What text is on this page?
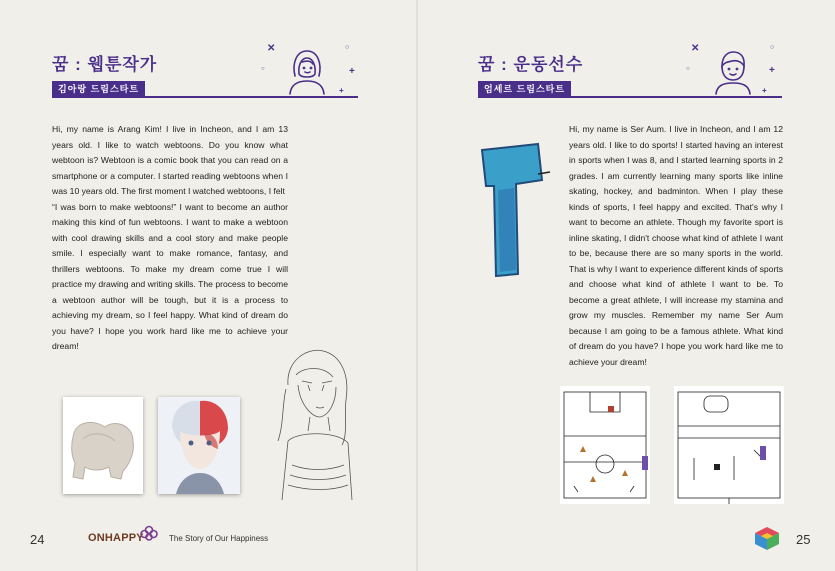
꿈 : 웹툰작가
김아랑 드림스타트
✕	○
+
○
+
Hi, my name is Arang Kim! I live in Incheon, and I am 13 years old. I like to watch webtoons. Do you know what webtoon is? Webtoon is a comic book that you can read on a smartphone or a computer. I started reading webtoons when I was 10 years old. The first moment I watched webtoons, I felt
“I was born to make webtoons!” I want to become an author making this kind of fun webtoons. I want to make a webtoon with cool drawing skills and a cool story and make people smile. I especially want to make romance, fantasy, and thrillers webtoons. To make my dream come true I will practice my drawing and writing skills. The process to become a webtoon author will be tough, but it is a process to achieving my dream, so I feel happy. What kind of dream do you have? I hope you work hard like me to achieve your dream!
24	ONHAPPY	The Story of Our Happiness
꿈 : 운동선수
엄세르 드림스타트
✕	○
+
○
+
Hi, my name is Ser Aum. I live in Incheon, and I am 12 years old. I like to do sports! I started having an interest in sports when I was 8, and I started learning sports in 2 grades. I am currently learning many sports like inline skating, hockey, and badminton. When I play these kinds of sports, I feel happy and excited. That's why I want to become an athlete. Though my favorite sport is inline skating, I didn't choose what kind of athlete I want to be, because there are so many sports in the world. That is why I want to experience different kinds of sports and choose what kind of athlete I want to be. To become a great athlete, I will increase my stamina and grow my muscles. Remember my name Ser Aum because I am going to be a famous athlete. What kind of dream do you have? I hope you work hard like me to achieve your dream!
25
